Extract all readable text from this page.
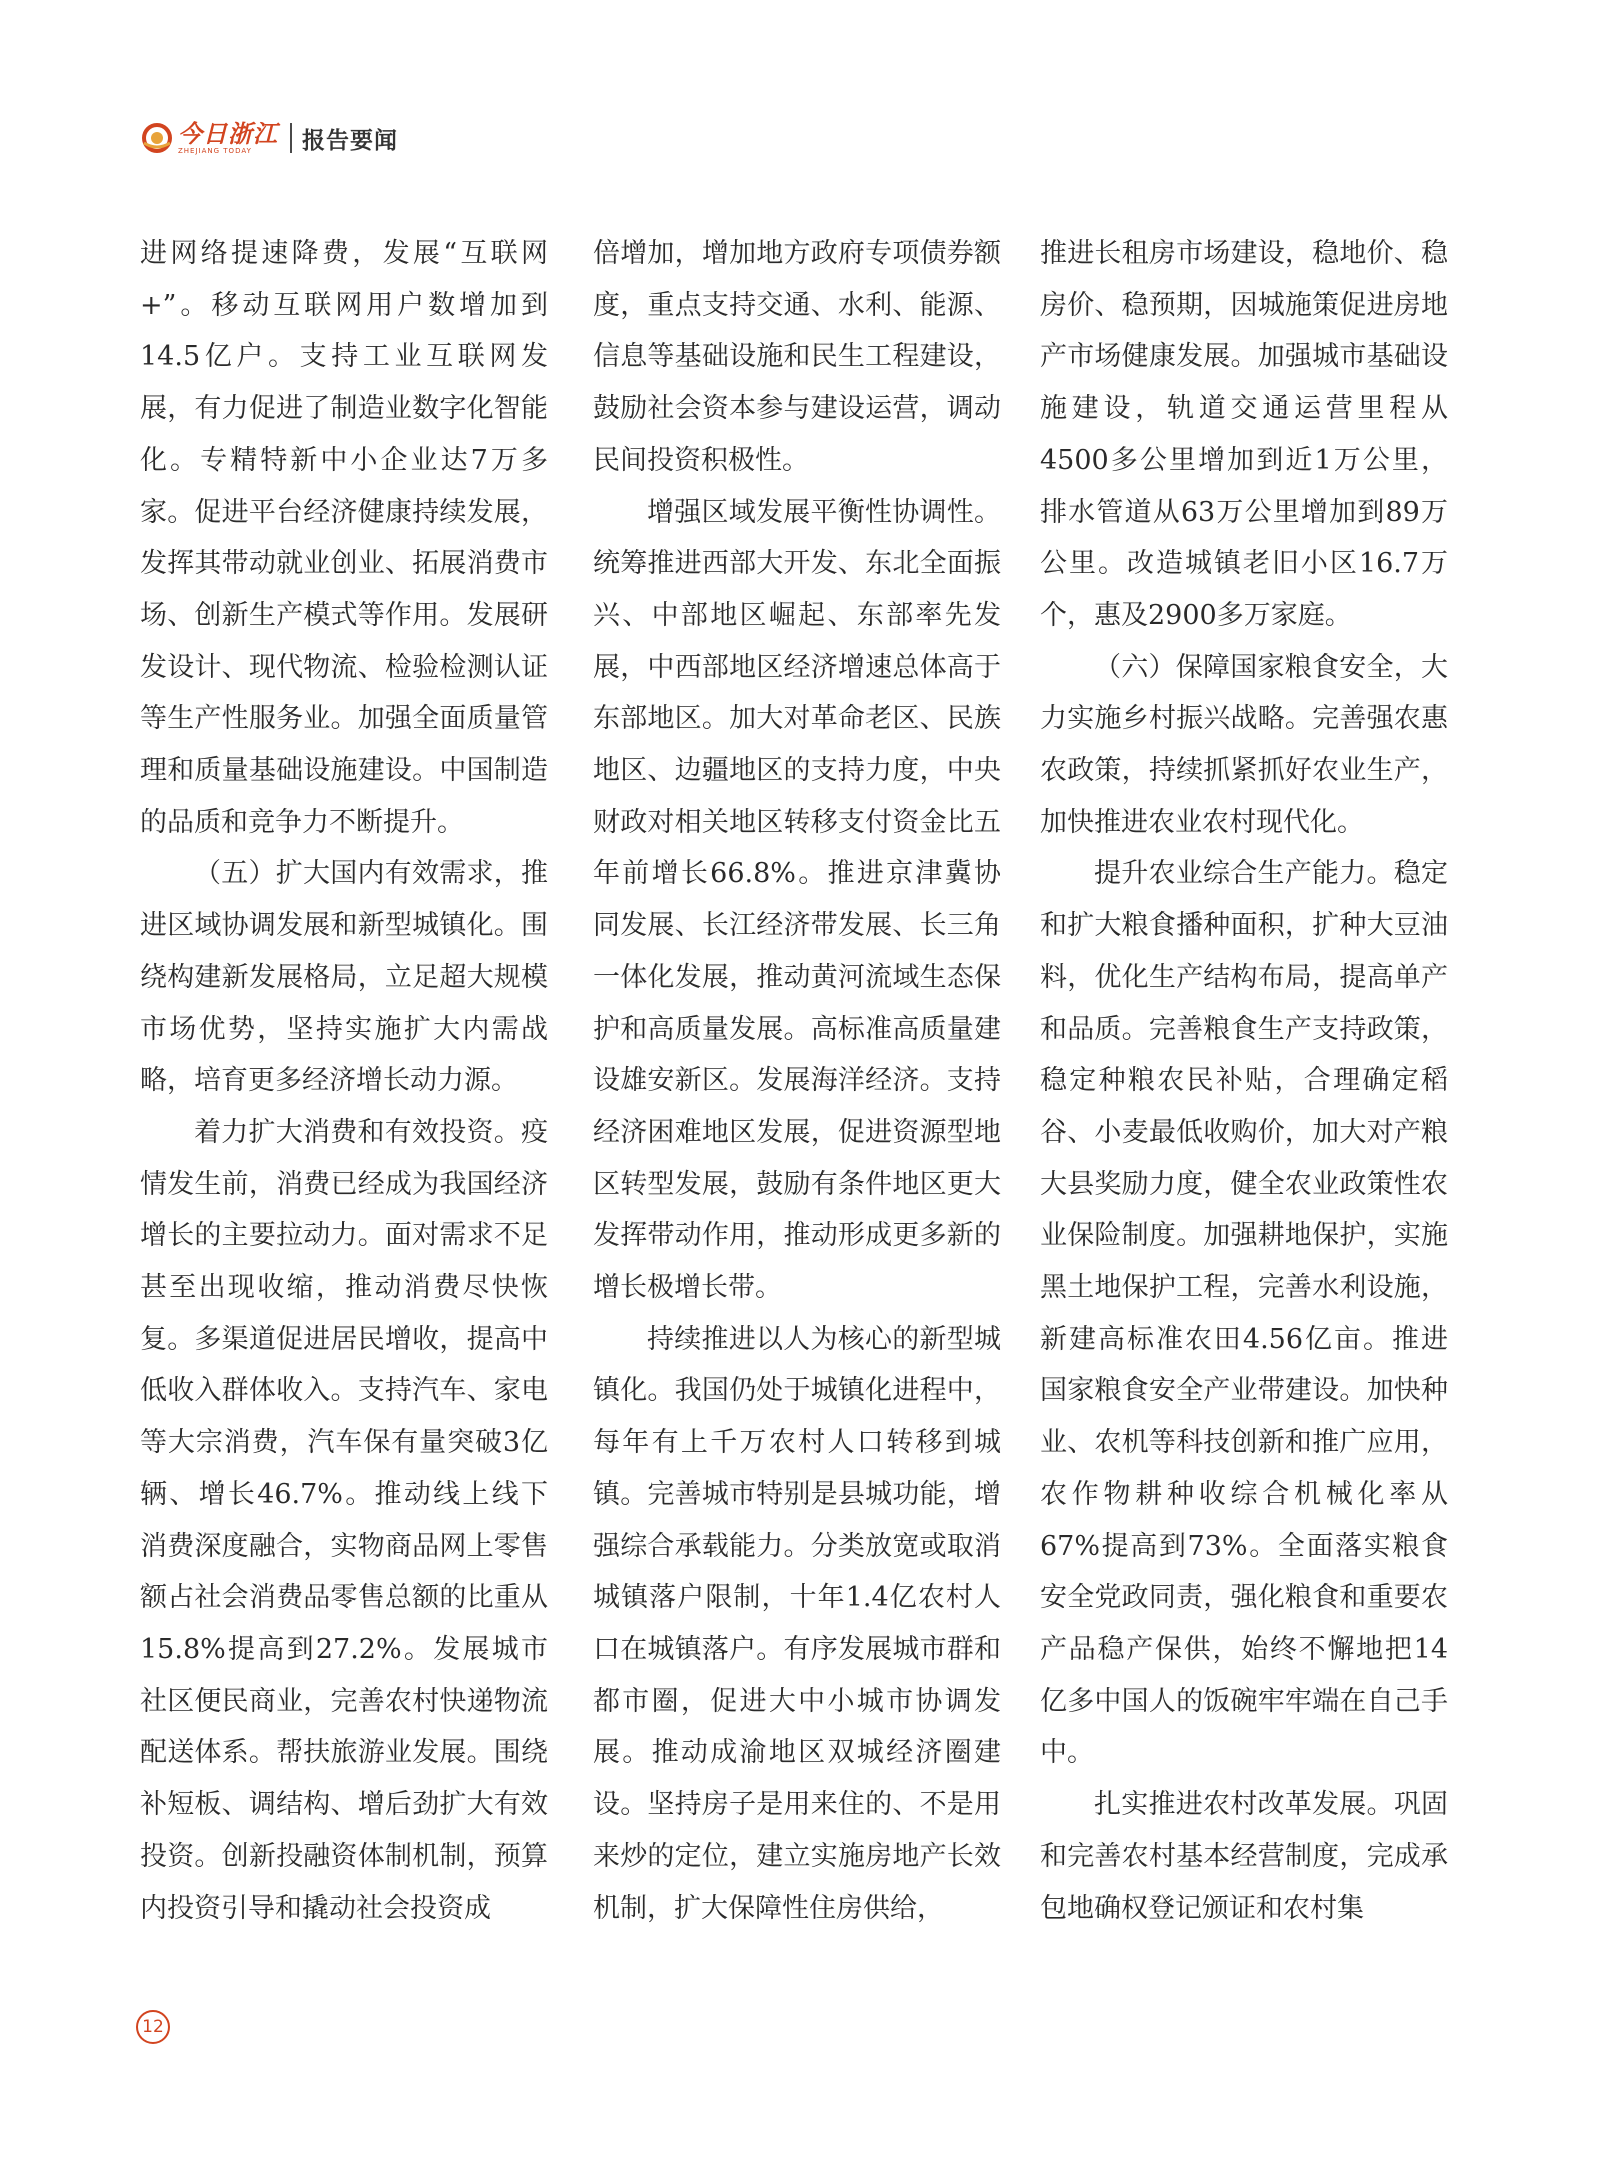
今日浙江
ZHEJIANG TODAY	报告要闻

进网络提速降费，发展“互联网+”。移动互联网用户数增加到14.5亿户。支持工业互联网发展，有力促进了制造业数字化智能化。专精特新中小企业达7万多家。促进平台经济健康持续发展，发挥其带动就业创业、拓展消费市场、创新生产模式等作用。发展研发设计、现代物流、检验检测认证等生产性服务业。加强全面质量管理和质量基础设施建设。中国制造的品质和竞争力不断提升。

（五）扩大国内有效需求，推进区域协调发展和新型城镇化。围绕构建新发展格局，立足超大规模市场优势，坚持实施扩大内需战略，培育更多经济增长动力源。

着力扩大消费和有效投资。疫情发生前，消费已经成为我国经济增长的主要拉动力。面对需求不足甚至出现收缩，推动消费尽快恢复。多渠道促进居民增收，提高中低收入群体收入。支持汽车、家电等大宗消费，汽车保有量突破3亿辆、增长46.7%。推动线上线下消费深度融合，实物商品网上零售额占社会消费品零售总额的比重从15.8%提高到27.2%。发展城市社区便民商业，完善农村快递物流配送体系。帮扶旅游业发展。围绕补短板、调结构、增后劲扩大有效投资。创新投融资体制机制，预算内投资引导和撬动社会投资成

倍增加，增加地方政府专项债券额度，重点支持交通、水利、能源、信息等基础设施和民生工程建设，鼓励社会资本参与建设运营，调动民间投资积极性。

增强区域发展平衡性协调性。统筹推进西部大开发、东北全面振兴、中部地区崛起、东部率先发展，中西部地区经济增速总体高于东部地区。加大对革命老区、民族地区、边疆地区的支持力度，中央财政对相关地区转移支付资金比五年前增长66.8%。推进京津冀协同发展、长江经济带发展、长三角一体化发展，推动黄河流域生态保护和高质量发展。高标准高质量建设雄安新区。发展海洋经济。支持经济困难地区发展，促进资源型地区转型发展，鼓励有条件地区更大发挥带动作用，推动形成更多新的增长极增长带。

持续推进以人为核心的新型城镇化。我国仍处于城镇化进程中，每年有上千万农村人口转移到城镇。完善城市特别是县城功能，增强综合承载能力。分类放宽或取消城镇落户限制，十年1.4亿农村人口在城镇落户。有序发展城市群和都市圈，促进大中小城市协调发展。推动成渝地区双城经济圈建设。坚持房子是用来住的、不是用来炒的定位，建立实施房地产长效机制，扩大保障性住房供给，

推进长租房市场建设，稳地价、稳房价、稳预期，因城施策促进房地产市场健康发展。加强城市基础设施建设，轨道交通运营里程从4500多公里增加到近1万公里，排水管道从63万公里增加到89万公里。改造城镇老旧小区16.7万个，惠及2900多万家庭。

（六）保障国家粮食安全，大力实施乡村振兴战略。完善强农惠农政策，持续抓紧抓好农业生产，加快推进农业农村现代化。

提升农业综合生产能力。稳定和扩大粮食播种面积，扩种大豆油料，优化生产结构布局，提高单产和品质。完善粮食生产支持政策，稳定种粮农民补贴，合理确定稻谷、小麦最低收购价，加大对产粮大县奖励力度，健全农业政策性农业保险制度。加强耕地保护，实施黑土地保护工程，完善水利设施，新建高标准农田4.56亿亩。推进国家粮食安全产业带建设。加快种业、农机等科技创新和推广应用，农作物耕种收综合机械化率从67%提高到73%。全面落实粮食安全党政同责，强化粮食和重要农产品稳产保供，始终不懈地把14亿多中国人的饭碗牢牢端在自己手中。

扎实推进农村改革发展。巩固和完善农村基本经营制度，完成承包地确权登记颁证和农村集

12
